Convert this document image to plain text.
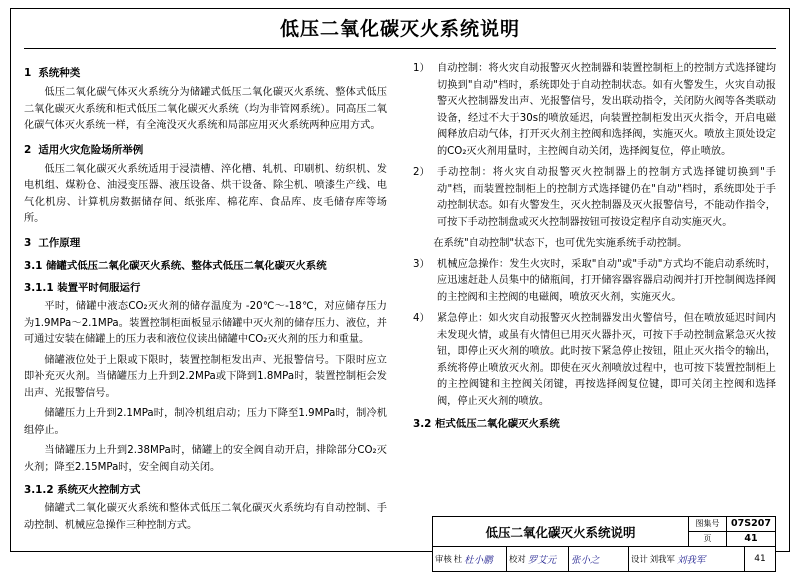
低压二氧化碳灭火系统说明
1 系统种类
低压二氧化碳气体灭火系统分为储罐式低压二氧化碳灭火系统、整体式低压二氧化碳灭火系统和柜式低压二氧化碳灭火系统（均为非管网系统）。同高压二氧化碳气体灭火系统一样，有全淹没灭火系统和局部应用灭火系统两种应用方式。
2 适用火灾危险场所举例
低压二氧化碳灭火系统适用于浸渍槽、淬化槽、轧机、印刷机、纺织机、发电机组、煤粉仓、油浸变压器、液压设备、烘干设备、除尘机、喷漆生产线、电气化机房、计算机房数据储存间、纸张库、棉花库、食品库、皮毛储存库等场所。
3 工作原理
3.1 储罐式低压二氧化碳灭火系统、整体式低压二氧化碳灭火系统
3.1.1 装置平时伺服运行
平时，储罐中液态CO₂灭火剂的储存温度为 -20℃～-18℃，对应储存压力为1.9MPa～2.1MPa。装置控制柜面板显示储罐中灭火剂的储存压力、液位，并可通过安装在储罐上的压力表和液位仪读出储罐中CO₂灭火剂的压力和重量。
储罐液位处于上限或下限时，装置控制柜发出声、光报警信号。下限时应立即补充灭火剂。当储罐压力上升到2.2MPa或下降到1.8MPa时，装置控制柜会发出声、光报警信号。
储罐压力上升到2.1MPa时，制冷机组启动；压力下降至1.9MPa时，制冷机组停止。
当储罐压力上升到2.38MPa时，储罐上的安全阀自动开启，排除部分CO₂灭火剂；降至2.15MPa时，安全阀自动关闭。
3.1.2 系统灭火控制方式
储罐式二氧化碳灭火系统和整体式低压二氧化碳灭火系统均有自动控制、手动控制、机械应急操作三种控制方式。
1） 自动控制：将火灾自动报警灭火控制器和装置控制柜上的控制方式选择键均切换到"自动"档时，系统即处于自动控制状态。如有火警发生，火灾自动报警灭火控制器发出声、光报警信号，发出联动指令，关闭防火阀等各类联动设备，经过不大于30s的喷放延迟，向装置控制柜发出灭火指令，开启电磁阀释放启动气体，打开灭火剂主控阀和选择阀，实施灭火。喷放主顶处设定的CO₂灭火剂用量时，主控阀自动关闭，选择阀复位，停止喷放。
2） 手动控制：将火灾自动报警灭火控制器上的控制方式选择键切换到"手动"档，而装置控制柜上的控制方式选择键仍在"自动"档时，系统即处于手动控制状态。如有火警发生，灭火控制器及灭火报警信号，不能动作指令，可按下手动控制盘或灭火控制器按钮可按设定程序自动实施灭火。
在系统"自动控制"状态下，也可优先实施系统手动控制。
3） 机械应急操作：发生火灾时，采取"自动"或"手动"方式均不能启动系统时，应迅速赶赴人员集中的储瓶间，打开储容器容器启动阀并打开控制阀选择阀的主控阀和主控阀的电磁阀，喷放灭火剂，实施灭火。
4） 紧急停止：如火灾自动报警灭火控制器发出火警信号，但在喷放延迟时间内未发现火情，或虽有火情但已用灭火器扑灭，可按下手动控制盒紧急灭火按钮，即停止灭火剂的喷放。此时按下紧急停止按钮，阻止灭火指令的输出，系统将停止喷放灭火剂。即使在灭火剂喷放过程中，也可按下装置控制柜上的主控阀键和主控阀关闭键，再按选择阀复位键，即可关闭主控阀和选择阀，停止灭火剂的喷放。
3.2 柜式低压二氧化碳灭火系统
低压二氧化碳灭火系统说明
图集号	07S207
页	41
审核 杜 杜小鹏 校对 罗艾元 张小之	设计 刘我军 刘我军	41
